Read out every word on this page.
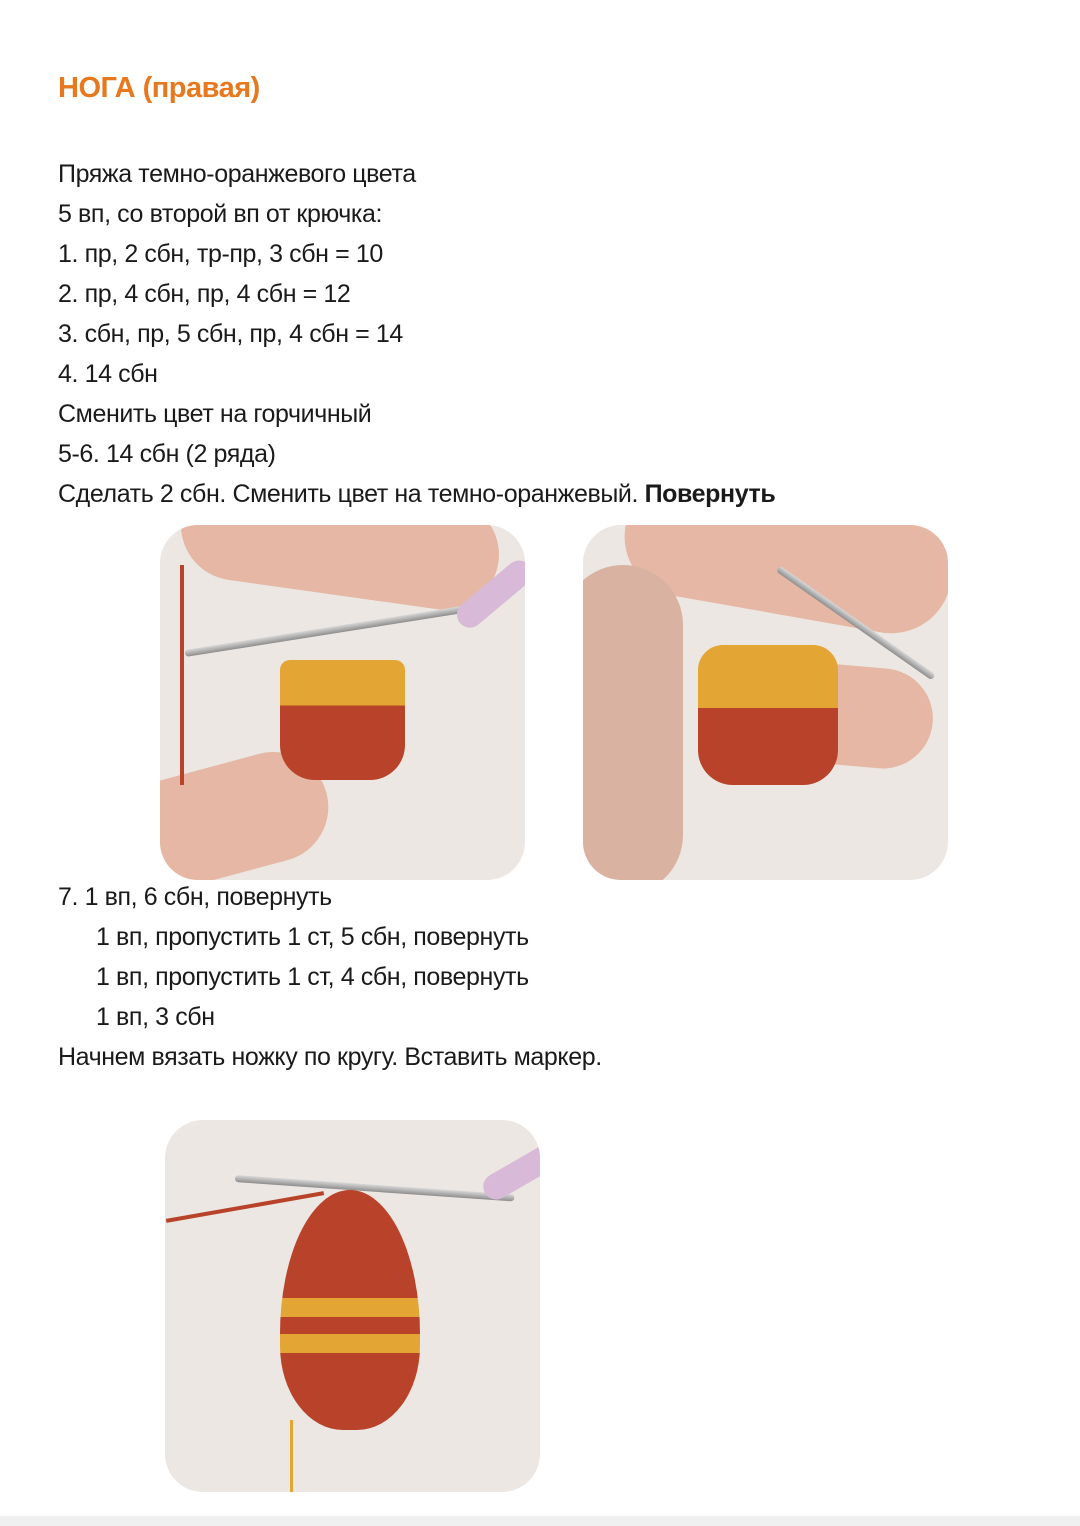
НОГА (правая)
Пряжа темно-оранжевого цвета
5 вп, со второй вп от крючка:
1. пр, 2 сбн, тр-пр, 3 сбн = 10
2. пр, 4 сбн, пр, 4 сбн = 12
3. сбн, пр, 5 сбн, пр, 4 сбн = 14
4. 14 сбн
Сменить цвет на горчичный
5-6. 14 сбн (2 ряда)
Сделать 2 сбн. Сменить цвет на темно-оранжевый. Повернуть
7. 1 вп, 6 сбн, повернуть
1 вп, пропустить 1 ст, 5 сбн, повернуть
1 вп, пропустить 1 ст, 4 сбн, повернуть
1 вп, 3 сбн
Начнем вязать ножку по кругу. Вставить маркер.
